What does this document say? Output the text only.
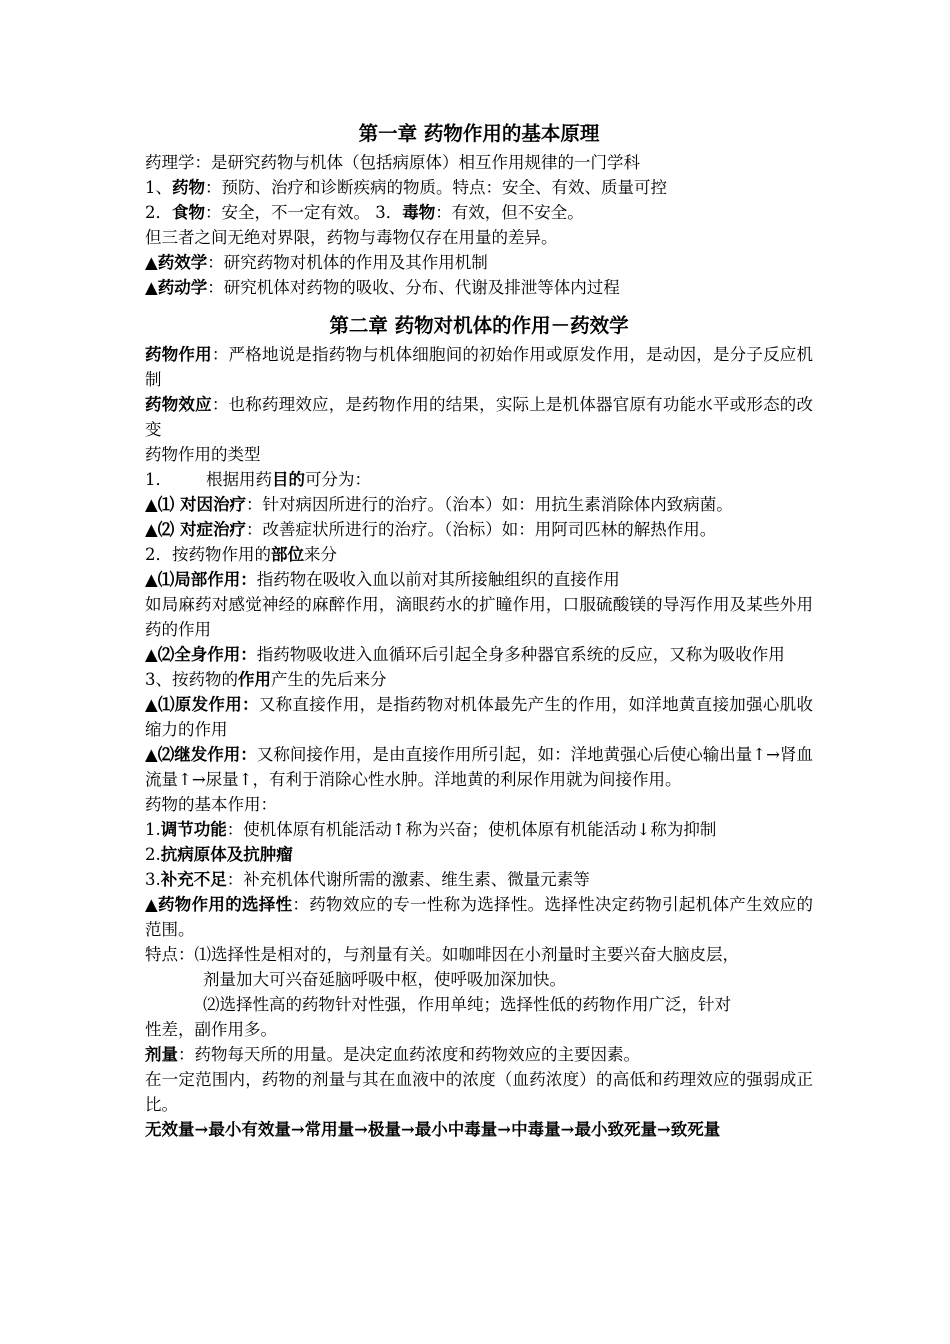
第一章 药物作用的基本原理

药理学：是研究药物与机体（包括病原体）相互作用规律的一门学科

1、药物：预防、治疗和诊断疾病的物质。特点：安全、有效、质量可控

2．食物：安全，不一定有效。 3．毒物：有效，但不安全。

但三者之间无绝对界限，药物与毒物仅存在用量的差异。

▲药效学：研究药物对机体的作用及其作用机制

▲药动学：研究机体对药物的吸收、分布、代谢及排泄等体内过程

第二章 药物对机体的作用－药效学

药物作用：严格地说是指药物与机体细胞间的初始作用或原发作用，是动因，是分子反应机制

药物效应：也称药理效应，是药物作用的结果，实际上是机体器官原有功能水平或形态的改变

药物作用的类型

1． 根据用药目的可分为：

▲⑴ 对因治疗：针对病因所进行的治疗。（治本）如：用抗生素消除体内致病菌。

▲⑵ 对症治疗：改善症状所进行的治疗。（治标）如：用阿司匹林的解热作用。

2．按药物作用的部位来分

▲⑴局部作用：指药物在吸收入血以前对其所接触组织的直接作用

如局麻药对感觉神经的麻醉作用，滴眼药水的扩瞳作用，口服硫酸镁的导泻作用及某些外用药的作用

▲⑵全身作用：指药物吸收进入血循环后引起全身多种器官系统的反应，又称为吸收作用

3、按药物的作用产生的先后来分

▲⑴原发作用：又称直接作用，是指药物对机体最先产生的作用，如洋地黄直接加强心肌收缩力的作用

▲⑵继发作用：又称间接作用，是由直接作用所引起，如：洋地黄强心后使心输出量↑→肾血流量↑→尿量↑，有利于消除心性水肿。洋地黄的利尿作用就为间接作用。

药物的基本作用：

1.调节功能：使机体原有机能活动↑称为兴奋；使机体原有机能活动↓称为抑制

2.抗病原体及抗肿瘤

3.补充不足：补充机体代谢所需的激素、维生素、微量元素等

▲药物作用的选择性：药物效应的专一性称为选择性。选择性决定药物引起机体产生效应的范围。

特点：⑴选择性是相对的，与剂量有关。如咖啡因在小剂量时主要兴奋大脑皮层，

剂量加大可兴奋延脑呼吸中枢，使呼吸加深加快。

⑵选择性高的药物针对性强，作用单纯；选择性低的药物作用广泛，针对

性差，副作用多。

剂量：药物每天所的用量。是决定血药浓度和药物效应的主要因素。

在一定范围内，药物的剂量与其在血液中的浓度（血药浓度）的高低和药理效应的强弱成正比。

无效量→最小有效量→常用量→极量→最小中毒量→中毒量→最小致死量→致死量
